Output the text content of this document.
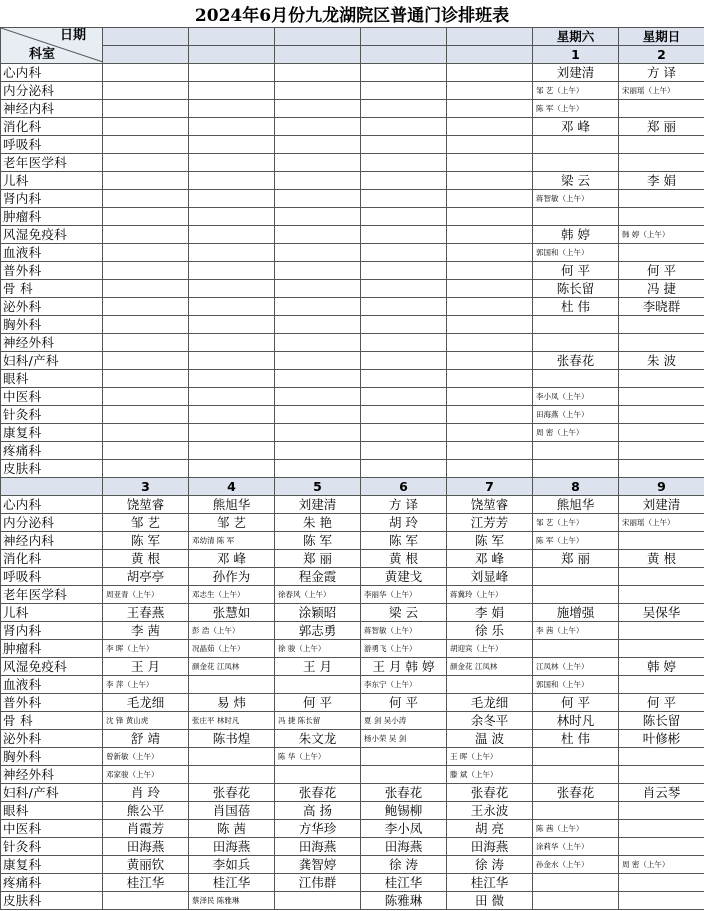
2024年6月份九龙湖院区普通门诊排班表
日期
科室						星期六	星期日
						1	2
心内科						刘建清	方 译
内分泌科						邹 艺（上午）	宋丽瑶（上午）
神经内科						陈 军（上午）	
消化科						邓 峰	郑 丽
呼吸科							
老年医学科							
儿科						梁 云	李 娟
肾内科						蒋智敏（上午）	
肿瘤科							
风湿免疫科						韩 婷	韩 婷（上午）
血液科						郭国和（上午）	
普外科						何 平	何 平
骨 科						陈长留	冯 捷
泌外科						杜 伟	李晓群
胸外科							
神经外科							
妇科/产科						张春花	朱 波
眼科							
中医科						李小凤（上午）	
针灸科						田海燕（上午）	
康复科						周 密（上午）	
疼痛科							
皮肤科							
	3	4	5	6	7	8	9
心内科	饶堃睿	熊旭华	刘建清	方 译	饶堃睿	熊旭华	刘建清
内分泌科	邹 艺	邹 艺	朱 艳	胡 玲	江芳芳	邹 艺（上午）	宋丽瑶（上午）
神经内科	陈 军	邓幼清 陈 军	陈 军	陈 军	陈 军	陈 军（上午）	
消化科	黄 根	邓 峰	郑 丽	黄 根	邓 峰	郑 丽	黄 根
呼吸科	胡亭亭	孙作为	程金霞	黄建戈	刘显峰		
老年医学科	周亚青（上午）	邓志生（上午）	徐春风（上午）	李丽华（上午）	蒋冀玲（上午）		
儿科	王春燕	张慧如	涂颖昭	梁 云	李 娟	施增强	吴保华
肾内科	李 茜	彭 浩（上午）	郭志勇	蒋智敏（上午）	徐 乐	李 茜（上午）	
肿瘤科	李 晖（上午）	况晶茹（上午）	徐 骏（上午）	游勇飞（上午）	胡迎宾（上午）		
风湿免疫科	王 月	颜金花 江凤林	王 月	王 月 韩 婷	颜金花 江凤林	江凤林（上午）	韩 婷
血液科	李 萍（上午）			李东宁（上午）		郭国和（上午）	
普外科	毛龙细	易 炜	何 平	何 平	毛龙细	何 平	何 平
骨 科	沈 锋 黄山虎	张庄平 林时凡	冯 捷 陈长留	夏 剑 吴小涛	余冬平	林时凡	陈长留
泌外科	舒 靖	陈书煌	朱文龙	杨小荣 吴 剑	温 波	杜 伟	叶修彬
胸外科	曾新敏（上午）		陈 华（上午）		王 晖（上午）		
神经外科	邓家骏（上午）				滕 斌（上午）		
妇科/产科	肖 玲	张春花	张春花	张春花	张春花	张春花	肖云琴
眼科	熊公平	肖国蓓	高 扬	鲍锡柳	王永波		
中医科	肖霞芳	陈 茜	方华珍	李小凤	胡 亮	陈 茜（上午）	
针灸科	田海燕	田海燕	田海燕	田海燕	田海燕	涂莉华（上午）	
康复科	黄丽钦	李如兵	龚智婷	徐 涛	徐 涛	孙金水（上午）	周 密（上午）
疼痛科	桂江华	桂江华	江伟群	桂江华	桂江华		
皮肤科		蔡泽民 陈雅琳		陈雅琳	田 微		
